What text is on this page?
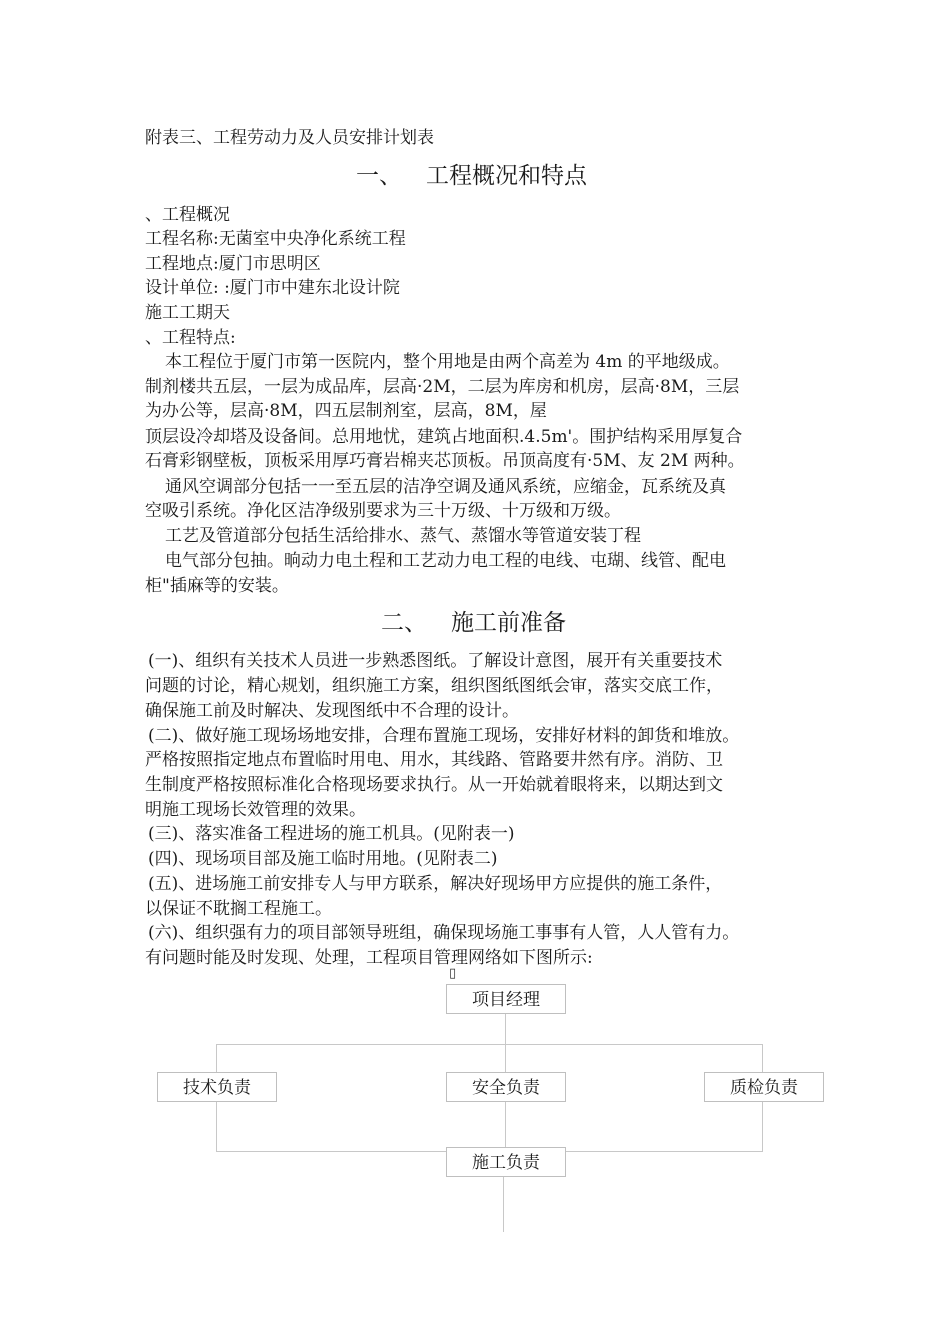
附表三、工程劳动力及人员安排计划表
一、 工程概况和特点
、工程概况
工程名称:无菌室中央净化系统工程
工程地点:厦门市思明区
设计单位: :厦门市中建东北设计院
施工工期天
、工程特点:
本工程位于厦门市第一医院内，整个用地是由两个高差为 4m 的平地级成。
制剂楼共五层，一层为成品库，层高·2M，二层为库房和机房，层高·8M，三层
为办公等，层高·8M，四五层制剂室，层高，8M，屋
顶层设冷却塔及设备间。总用地忧，建筑占地面积.4.5m'。围护结构采用厚复合
石膏彩钢壁板，顶板采用厚巧膏岩棉夹芯顶板。吊顶高度有·5M、友 2M 两种。
通风空调部分包括一一至五层的洁净空调及通风系统，应缩金，瓦系统及真
空吸引系统。净化区洁净级别要求为三十万级、十万级和万级。
工艺及管道部分包括生活给排水、蒸气、蒸馏水等管道安装丁程
电气部分包抽。晌动力电土程和工艺动力电工程的电线、屯瑚、线管、配电
柜"插麻等的安装。
二、 施工前准备
(一)、组织有关技术人员进一步熟悉图纸。了解设计意图，展开有关重要技术
问题的讨论，精心规划，组织施工方案，组织图纸图纸会审，落实交底工作，
确保施工前及时解决、发现图纸中不合理的设计。
(二)、做好施工现场场地安排，合理布置施工现场，安排好材料的卸货和堆放。
严格按照指定地点布置临时用电、用水，其线路、管路要井然有序。消防、卫
生制度严格按照标准化合格现场要求执行。从一开始就着眼将来，以期达到文
明施工现场长效管理的效果。
(三)、落实准备工程进场的施工机具。(见附表一)
(四)、现场项目部及施工临时用地。(见附表二)
(五)、进场施工前安排专人与甲方联系，解决好现场甲方应提供的施工条件，
以保证不耽搁工程施工。
(六)、组织强有力的项目部领导班组，确保现场施工事事有人管，人人管有力。
有问题时能及时发现、处理，工程项目管理网络如下图所示:
▯
项目经理
技术负责	安全负责	质检负责
施工负责
